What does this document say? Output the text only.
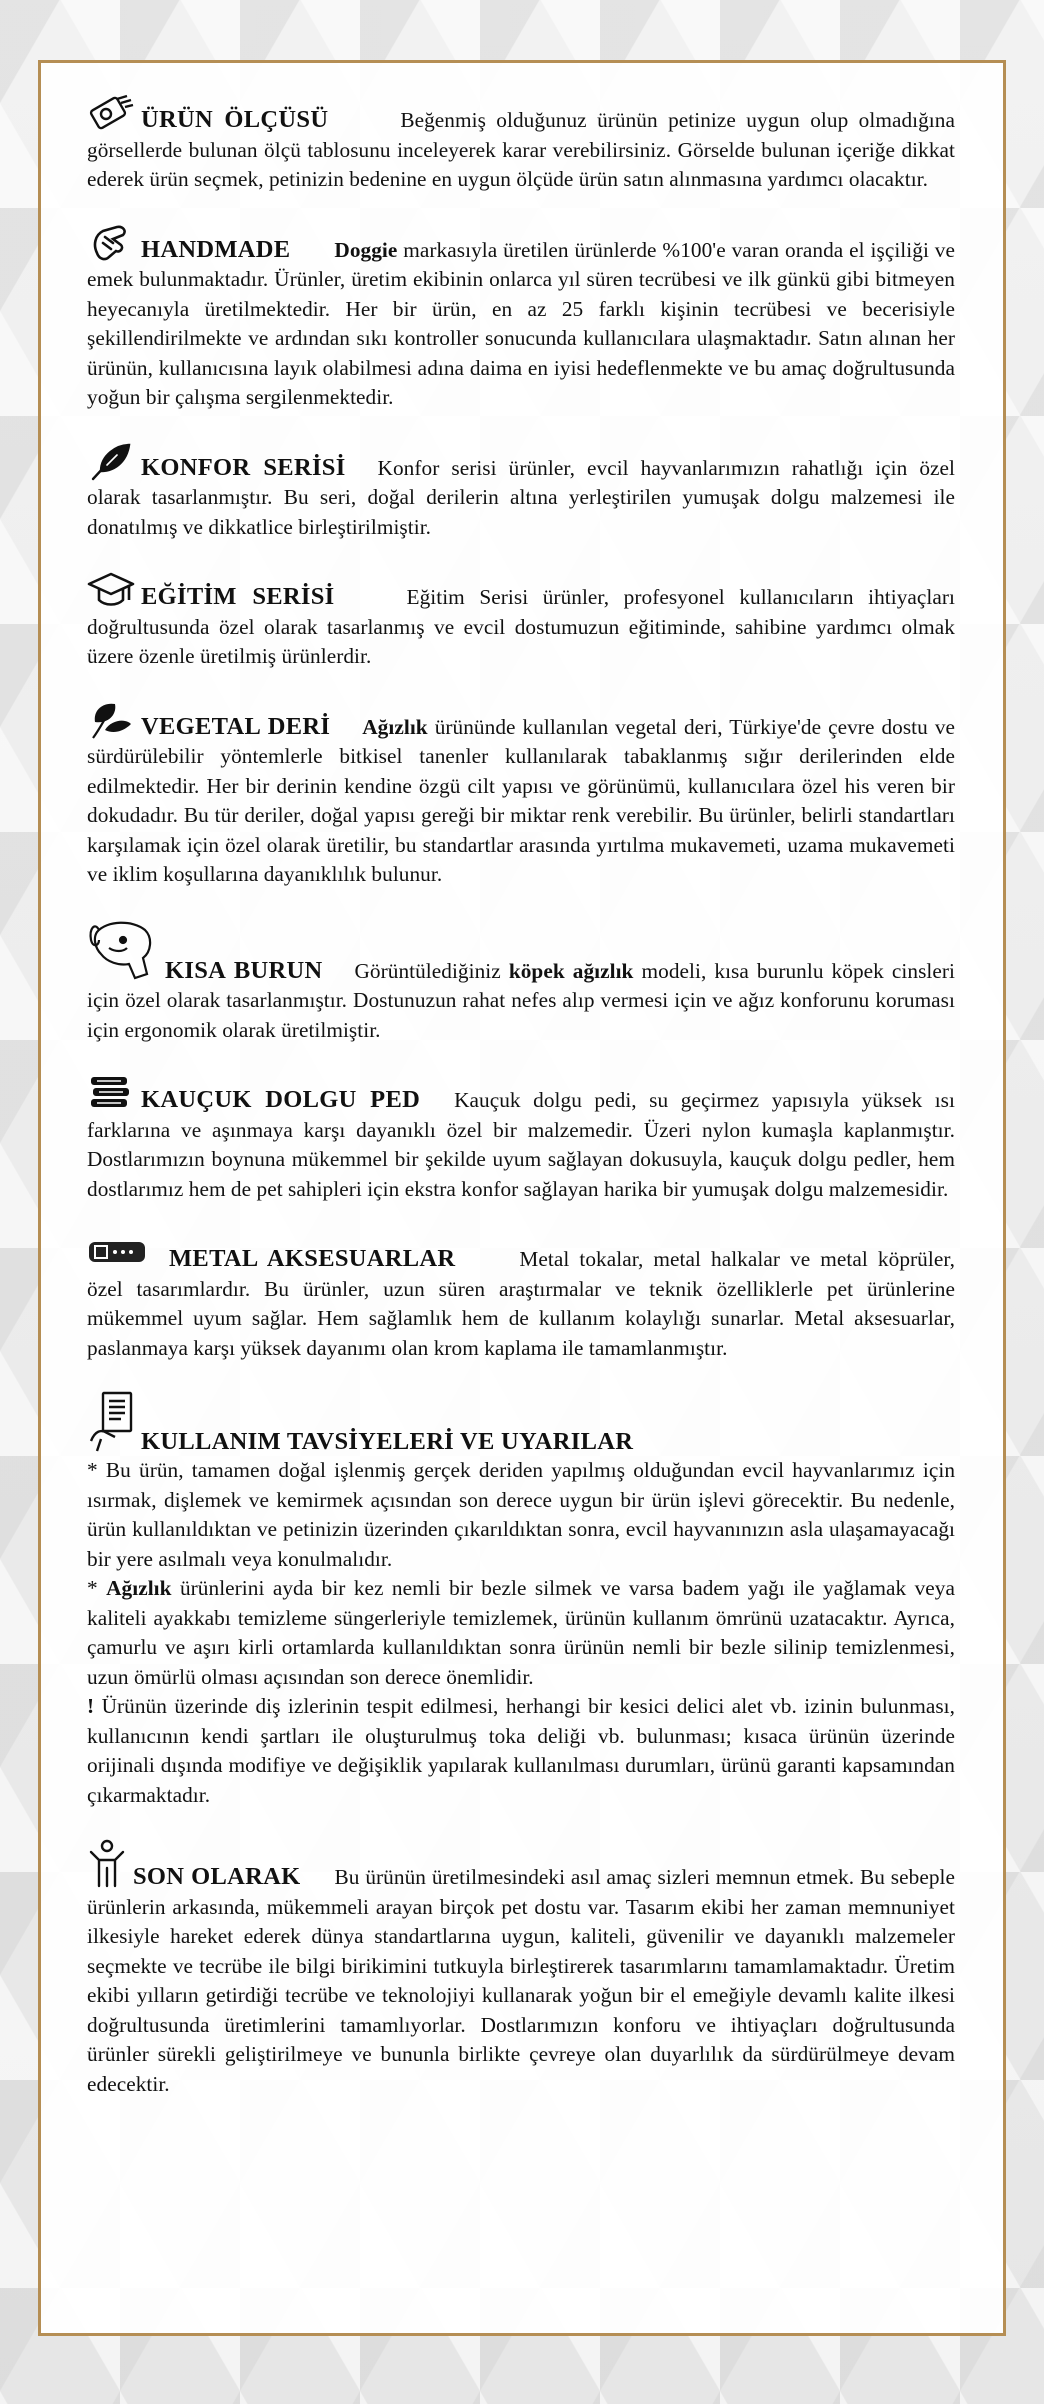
ÜRÜN ÖLÇÜSÜ	Beğenmiş olduğunuz ürünün petinize uygun olup olmadığına görsellerde bulunan ölçü tablosunu inceleyerek karar verebilirsiniz. Görselde bulunan içeriğe dikkat ederek ürün seçmek, petinizin bedenine en uygun ölçüde ürün satın alınmasına yardımcı olacaktır.

HANDMADE Doggie markasıyla üretilen ürünlerde %100'e varan oranda el işçiliği ve emek bulunmaktadır. Ürünler, üretim ekibinin onlarca yıl süren tecrübesi ve ilk günkü gibi bitmeyen heyecanıyla üretilmektedir. Her bir ürün, en az 25 farklı kişinin tecrübesi ve becerisiyle şekillendirilmekte ve ardından sıkı kontroller sonucunda kullanıcılara ulaşmaktadır. Satın alınan her ürünün, kullanıcısına layık olabilmesi adına daima en iyisi hedeflenmekte ve bu amaç doğrultusunda yoğun bir çalışma sergilenmektedir.

KONFOR SERİSİ Konfor serisi ürünler, evcil hayvanlarımızın rahatlığı için özel olarak tasarlanmıştır. Bu seri, doğal derilerin altına yerleştirilen yumuşak dolgu malzemesi ile donatılmış ve dikkatlice birleştirilmiştir.

EĞİTİM SERİSİ	Eğitim Serisi ürünler, profesyonel kullanıcıların ihtiyaçları doğrultusunda özel olarak tasarlanmış ve evcil dostumuzun eğitiminde, sahibine yardımcı olmak üzere özenle üretilmiş ürünlerdir.

VEGETAL DERİ Ağızlık ürününde kullanılan vegetal deri, Türkiye'de çevre dostu ve sürdürülebilir yöntemlerle bitkisel tanenler kullanılarak tabaklanmış sığır derilerinden elde edilmektedir. Her bir derinin kendine özgü cilt yapısı ve görünümü, kullanıcılara özel his veren bir dokudadır. Bu tür deriler, doğal yapısı gereği bir miktar renk verebilir. Bu ürünler, belirli standartları karşılamak için özel olarak üretilir, bu standartlar arasında yırtılma mukavemeti, uzama mukavemeti ve iklim koşullarına dayanıklılık bulunur.

KISA BURUN Görüntülediğiniz köpek ağızlık modeli, kısa burunlu köpek cinsleri için özel olarak tasarlanmıştır. Dostunuzun rahat nefes alıp vermesi için ve ağız konforunu koruması için ergonomik olarak üretilmiştir.

KAUÇUK DOLGU PED Kauçuk dolgu pedi, su geçirmez yapısıyla yüksek ısı farklarına ve aşınmaya karşı dayanıklı özel bir malzemedir. Üzeri nylon kumaşla kaplanmıştır. Dostlarımızın boynuna mükemmel bir şekilde uyum sağlayan dokusuyla, kauçuk dolgu pedler, hem dostlarımız hem de pet sahipleri için ekstra konfor sağlayan harika bir yumuşak dolgu malzemesidir.

METAL AKSESUARLAR	Metal tokalar, metal halkalar ve metal köprüler, özel tasarımlardır. Bu ürünler, uzun süren araştırmalar ve teknik özelliklerle pet ürünlerine mükemmel uyum sağlar. Hem sağlamlık hem de kullanım kolaylığı sunarlar. Metal aksesuarlar, paslanmaya karşı yüksek dayanımı olan krom kaplama ile tamamlanmıştır.

KULLANIM TAVSİYELERİ VE UYARILAR

* Bu ürün, tamamen doğal işlenmiş gerçek deriden yapılmış olduğundan evcil hayvanlarımız için ısırmak, dişlemek ve kemirmek açısından son derece uygun bir ürün işlevi görecektir. Bu nedenle, ürün kullanıldıktan ve petinizin üzerinden çıkarıldıktan sonra, evcil hayvanınızın asla ulaşamayacağı bir yere asılmalı veya konulmalıdır.

* Ağızlık ürünlerini ayda bir kez nemli bir bezle silmek ve varsa badem yağı ile yağlamak veya kaliteli ayakkabı temizleme süngerleriyle temizlemek, ürünün kullanım ömrünü uzatacaktır. Ayrıca, çamurlu ve aşırı kirli ortamlarda kullanıldıktan sonra ürünün nemli bir bezle silinip temizlenmesi, uzun ömürlü olması açısından son derece önemlidir.

! Ürünün üzerinde diş izlerinin tespit edilmesi, herhangi bir kesici delici alet vb. izinin bulunması, kullanıcının kendi şartları ile oluşturulmuş toka deliği vb. bulunması; kısaca ürünün üzerinde orijinali dışında modifiye ve değişiklik yapılarak kullanılması durumları, ürünü garanti kapsamından çıkarmaktadır.

SON OLARAK Bu ürünün üretilmesindeki asıl amaç sizleri memnun etmek. Bu sebeple ürünlerin arkasında, mükemmeli arayan birçok pet dostu var. Tasarım ekibi her zaman memnuniyet ilkesiyle hareket ederek dünya standartlarına uygun, kaliteli, güvenilir ve dayanıklı malzemeler seçmekte ve tecrübe ile bilgi birikimini tutkuyla birleştirerek tasarımlarını tamamlamaktadır. Üretim ekibi yılların getirdiği tecrübe ve teknolojiyi kullanarak yoğun bir el emeğiyle devamlı kalite ilkesi doğrultusunda üretimlerini tamamlıyorlar. Dostlarımızın konforu ve ihtiyaçları doğrultusunda ürünler sürekli geliştirilmeye ve bununla birlikte çevreye olan duyarlılık da sürdürülmeye devam edecektir.
